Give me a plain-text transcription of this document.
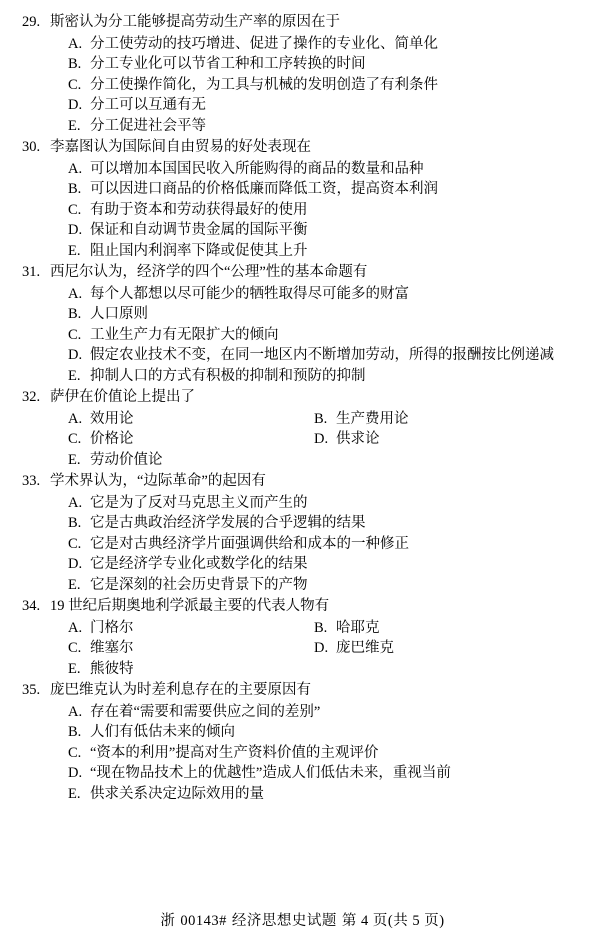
29. 斯密认为分工能够提高劳动生产率的原因在于
A. 分工使劳动的技巧增进、促进了操作的专业化、简单化
B. 分工专业化可以节省工种和工序转换的时间
C. 分工使操作简化，为工具与机械的发明创造了有利条件
D. 分工可以互通有无
E. 分工促进社会平等
30. 李嘉图认为国际间自由贸易的好处表现在
A. 可以增加本国国民收入所能购得的商品的数量和品种
B. 可以因进口商品的价格低廉而降低工资，提高资本利润
C. 有助于资本和劳动获得最好的使用
D. 保证和自动调节贵金属的国际平衡
E. 阻止国内利润率下降或促使其上升
31. 西尼尔认为，经济学的四个“公理”性的基本命题有
A. 每个人都想以尽可能少的牺牲取得尽可能多的财富
B. 人口原则
C. 工业生产力有无限扩大的倾向
D. 假定农业技术不变，在同一地区内不断增加劳动，所得的报酬按比例递减
E. 抑制人口的方式有积极的抑制和预防的抑制
32. 萨伊在价值论上提出了
A. 效用论	B. 生产费用论
C. 价格论	D. 供求论
E. 劳动价值论
33. 学术界认为，“边际革命”的起因有
A. 它是为了反对马克思主义而产生的
B. 它是古典政治经济学发展的合乎逻辑的结果
C. 它是对古典经济学片面强调供给和成本的一种修正
D. 它是经济学专业化或数学化的结果
E. 它是深刻的社会历史背景下的产物
34. 19 世纪后期奥地利学派最主要的代表人物有
A. 门格尔	B. 哈耶克
C. 维塞尔	D. 庞巴维克
E. 熊彼特
35. 庞巴维克认为时差利息存在的主要原因有
A. 存在着“需要和需要供应之间的差别”
B. 人们有低估未来的倾向
C. “资本的利用”提高对生产资料价值的主观评价
D. “现在物品技术上的优越性”造成人们低估未来，重视当前
E. 供求关系决定边际效用的量
浙 00143# 经济思想史试题 第 4 页(共 5 页)
